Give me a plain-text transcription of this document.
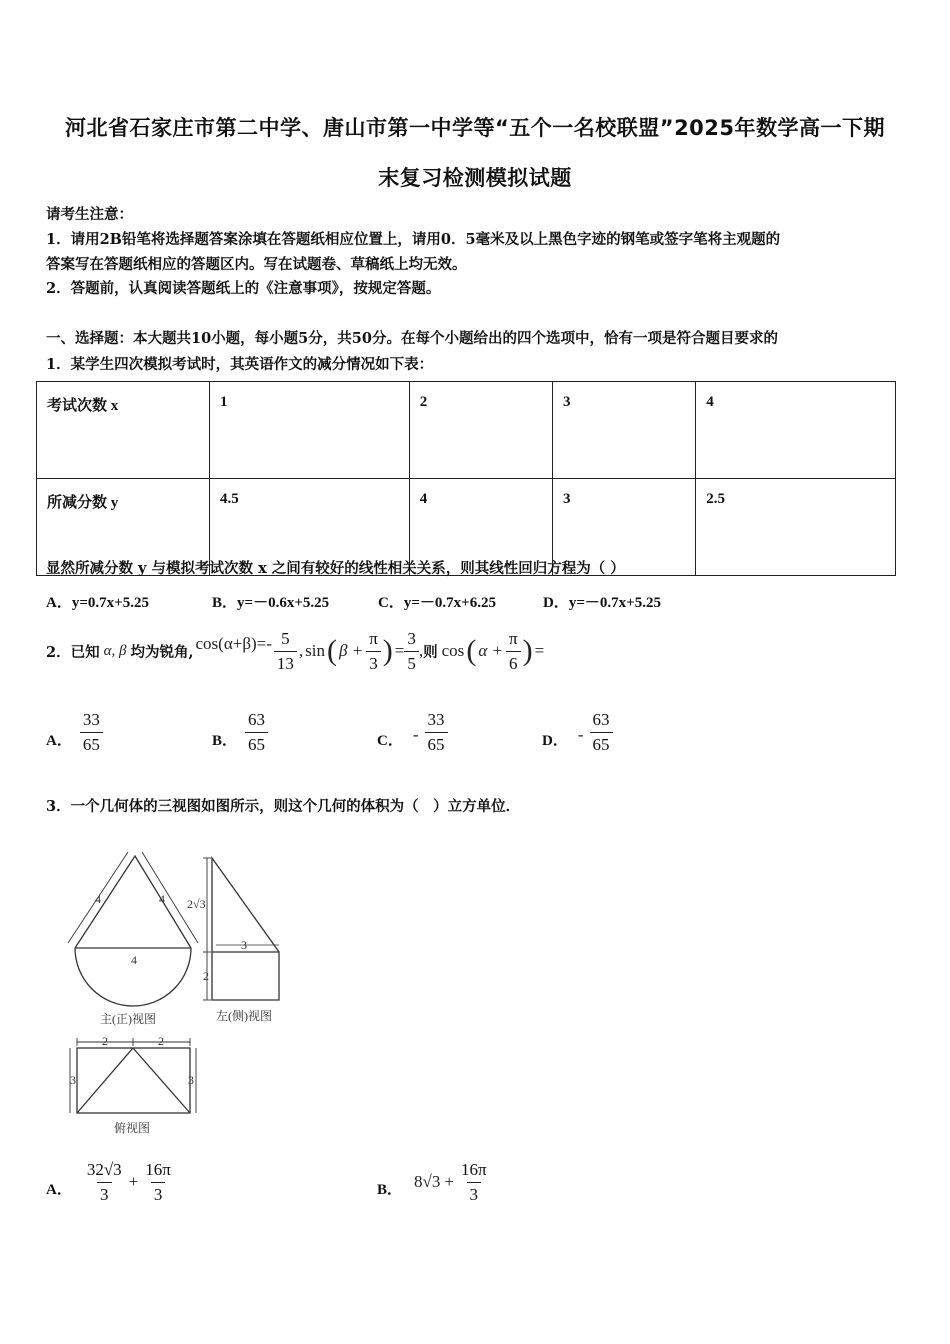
河北省石家庄市第二中学、唐山市第一中学等“五个一名校联盟”2025年数学高一下期
末复习检测模拟试题
请考生注意：
1．请用2B铅笔将选择题答案涂填在答题纸相应位置上，请用0．5毫米及以上黑色字迹的钢笔或签字笔将主观题的
答案写在答题纸相应的答题区内。写在试题卷、草稿纸上均无效。
2．答题前，认真阅读答题纸上的《注意事项》，按规定答题。
一、选择题：本大题共10小题，每小题5分，共50分。在每个小题给出的四个选项中，恰有一项是符合题目要求的
1．某学生四次模拟考试时，其英语作文的减分情况如下表：
考试次数 x	1	2	3	4
所减分数 y	4.5	4	3	2.5
显然所减分数 y 与模拟考试次数 x 之间有较好的线性相关关系，则其线性回归方程为（ ）
A．y=0.7x+5.25	B．y=－0.6x+5.25	C．y=－0.7x+6.25	D．y=－0.7x+5.25
2．已知 α, β 均为锐角, $\cos(\alpha+\beta)=- \frac{5}{13}$ , sin ( $\beta + \frac{\pi}{3}$ ) = $\frac{3}{5}$ , 则 cos ( $\alpha + \frac{\pi}{6}$ ) =
A． $\frac{33}{65}$	B． $\frac{63}{65}$	C． - $\frac{33}{65}$	D． - $\frac{63}{65}$
3．一个几何体的三视图如图所示，则这个几何的体积为（　）立方单位．
4	4
4
2√3
3
2
2	2
3	3
主(正)视图	左(侧)视图
俯视图
A． $\frac{32√3}{3} + \frac{16\pi}{3}$	B． $8√3 + \frac{16\pi}{3}$
